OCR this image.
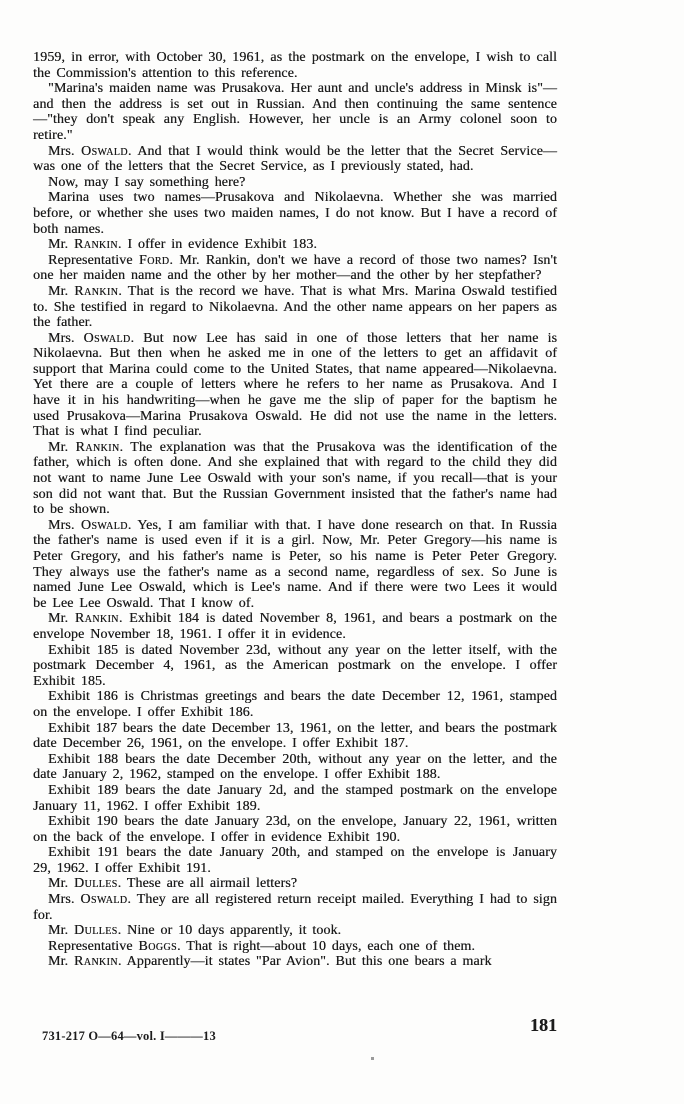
1959, in error, with October 30, 1961, as the postmark on the envelope, I wish to call the Commission's attention to this reference.

"Marina's maiden name was Prusakova. Her aunt and uncle's address in Minsk is"—and then the address is set out in Russian. And then continuing the same sentence—"they don't speak any English. However, her uncle is an Army colonel soon to retire."

Mrs. Oswald. And that I would think would be the letter that the Secret Service—was one of the letters that the Secret Service, as I previously stated, had.

Now, may I say something here?

Marina uses two names—Prusakova and Nikolaevna. Whether she was married before, or whether she uses two maiden names, I do not know. But I have a record of both names.

Mr. Rankin. I offer in evidence Exhibit 183.

Representative Ford. Mr. Rankin, don't we have a record of those two names? Isn't one her maiden name and the other by her mother—and the other by her stepfather?

Mr. Rankin. That is the record we have. That is what Mrs. Marina Oswald testified to. She testified in regard to Nikolaevna. And the other name appears on her papers as the father.

Mrs. Oswald. But now Lee has said in one of those letters that her name is Nikolaevna. But then when he asked me in one of the letters to get an affidavit of support that Marina could come to the United States, that name appeared—Nikolaevna. Yet there are a couple of letters where he refers to her name as Prusakova. And I have it in his handwriting—when he gave me the slip of paper for the baptism he used Prusakova—Marina Prusakova Oswald. He did not use the name in the letters. That is what I find peculiar.

Mr. Rankin. The explanation was that the Prusakova was the identification of the father, which is often done. And she explained that with regard to the child they did not want to name June Lee Oswald with your son's name, if you recall—that is your son did not want that. But the Russian Government insisted that the father's name had to be shown.

Mrs. Oswald. Yes, I am familiar with that. I have done research on that. In Russia the father's name is used even if it is a girl. Now, Mr. Peter Gregory—his name is Peter Gregory, and his father's name is Peter, so his name is Peter Peter Gregory. They always use the father's name as a second name, regardless of sex. So June is named June Lee Oswald, which is Lee's name. And if there were two Lees it would be Lee Lee Oswald. That I know of.

Mr. Rankin. Exhibit 184 is dated November 8, 1961, and bears a postmark on the envelope November 18, 1961. I offer it in evidence.

Exhibit 185 is dated November 23d, without any year on the letter itself, with the postmark December 4, 1961, as the American postmark on the envelope. I offer Exhibit 185.

Exhibit 186 is Christmas greetings and bears the date December 12, 1961, stamped on the envelope. I offer Exhibit 186.

Exhibit 187 bears the date December 13, 1961, on the letter, and bears the postmark date December 26, 1961, on the envelope. I offer Exhibit 187.

Exhibit 188 bears the date December 20th, without any year on the letter, and the date January 2, 1962, stamped on the envelope. I offer Exhibit 188.

Exhibit 189 bears the date January 2d, and the stamped postmark on the envelope January 11, 1962. I offer Exhibit 189.

Exhibit 190 bears the date January 23d, on the envelope, January 22, 1961, written on the back of the envelope. I offer in evidence Exhibit 190.

Exhibit 191 bears the date January 20th, and stamped on the envelope is January 29, 1962. I offer Exhibit 191.

Mr. Dulles. These are all airmail letters?

Mrs. Oswald. They are all registered return receipt mailed. Everything I had to sign for.

Mr. Dulles. Nine or 10 days apparently, it took.

Representative Boggs. That is right—about 10 days, each one of them.

Mr. Rankin. Apparently—it states "Par Avion". But this one bears a mark

181
731-217 O—64—vol. I———13
